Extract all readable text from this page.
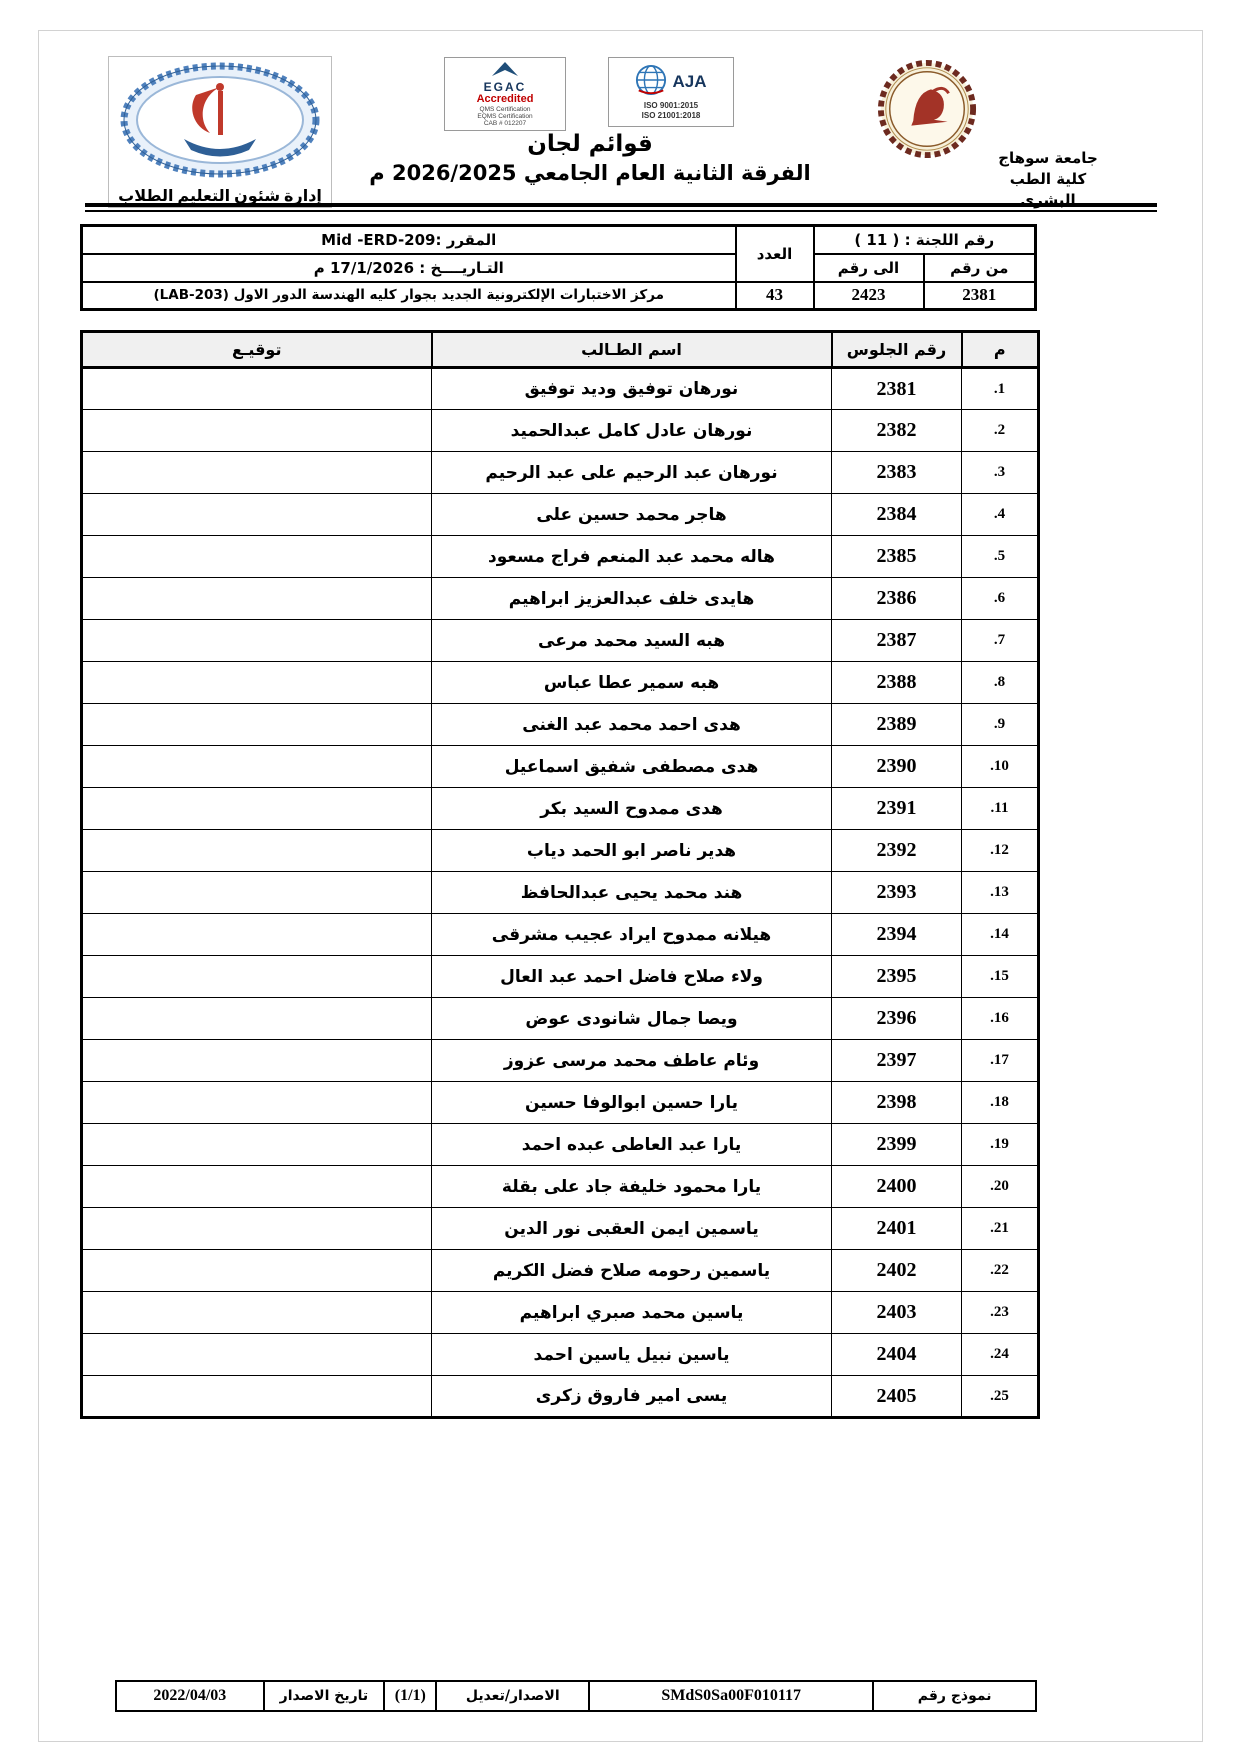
إدارة شئون التعليم الطلاب
EGAC
Accredited
QMS Certification
EQMS Certification
CAB # 012207
AJA
ISO 9001:2015
ISO 21001:2018
قوائم لجان
الفرقة الثانية العام الجامعي 2026/2025 م
جامعة سوهاج
كلية الطب البشرى
رقم اللجنة : ( 11 )		العدد	المقرر :Mid -ERD-209
من رقم	الى رقم		التـاريــــخ : 17/1/2026 م
2381	2423	43	مركز الاختبارات الإلكترونية الجديد بجوار كليه الهندسة الدور الاول (LAB-203)
م	رقم الجلوس	اسم الطـالب	توقيـع
.1	2381	نورهان توفيق وديد توفيق	
.2	2382	نورهان عادل كامل عبدالحميد	
.3	2383	نورهان عبد الرحيم على عبد الرحيم	
.4	2384	هاجر محمد حسين على	
.5	2385	هاله محمد عبد المنعم فراج مسعود	
.6	2386	هايدى خلف عبدالعزيز ابراهيم	
.7	2387	هبه السيد محمد مرعى	
.8	2388	هبه سمير عطا عباس	
.9	2389	هدى احمد محمد عبد الغنى	
.10	2390	هدى مصطفى شفيق اسماعيل	
.11	2391	هدى ممدوح السيد بكر	
.12	2392	هدير ناصر ابو الحمد دياب	
.13	2393	هند محمد يحيى عبدالحافظ	
.14	2394	هيلانه ممدوح ايراد عجيب مشرقى	
.15	2395	ولاء صلاح فاضل احمد عبد العال	
.16	2396	ويصا جمال شانودى عوض	
.17	2397	وئام عاطف محمد مرسى عزوز	
.18	2398	يارا حسين ابوالوفا حسين	
.19	2399	يارا عبد العاطى عبده احمد	
.20	2400	يارا محمود خليفة جاد على بقلة	
.21	2401	ياسمين ايمن العقبى نور الدين	
.22	2402	ياسمين رحومه صلاح فضل الكريم	
.23	2403	ياسين محمد صبري ابراهيم	
.24	2404	ياسين نبيل ياسين احمد	
.25	2405	يسى امير فاروق زكرى	
نموذج رقم	SMdS0Sa00F010117	الاصدار/تعديل	(1/1)	تاريخ الاصدار	2022/04/03
